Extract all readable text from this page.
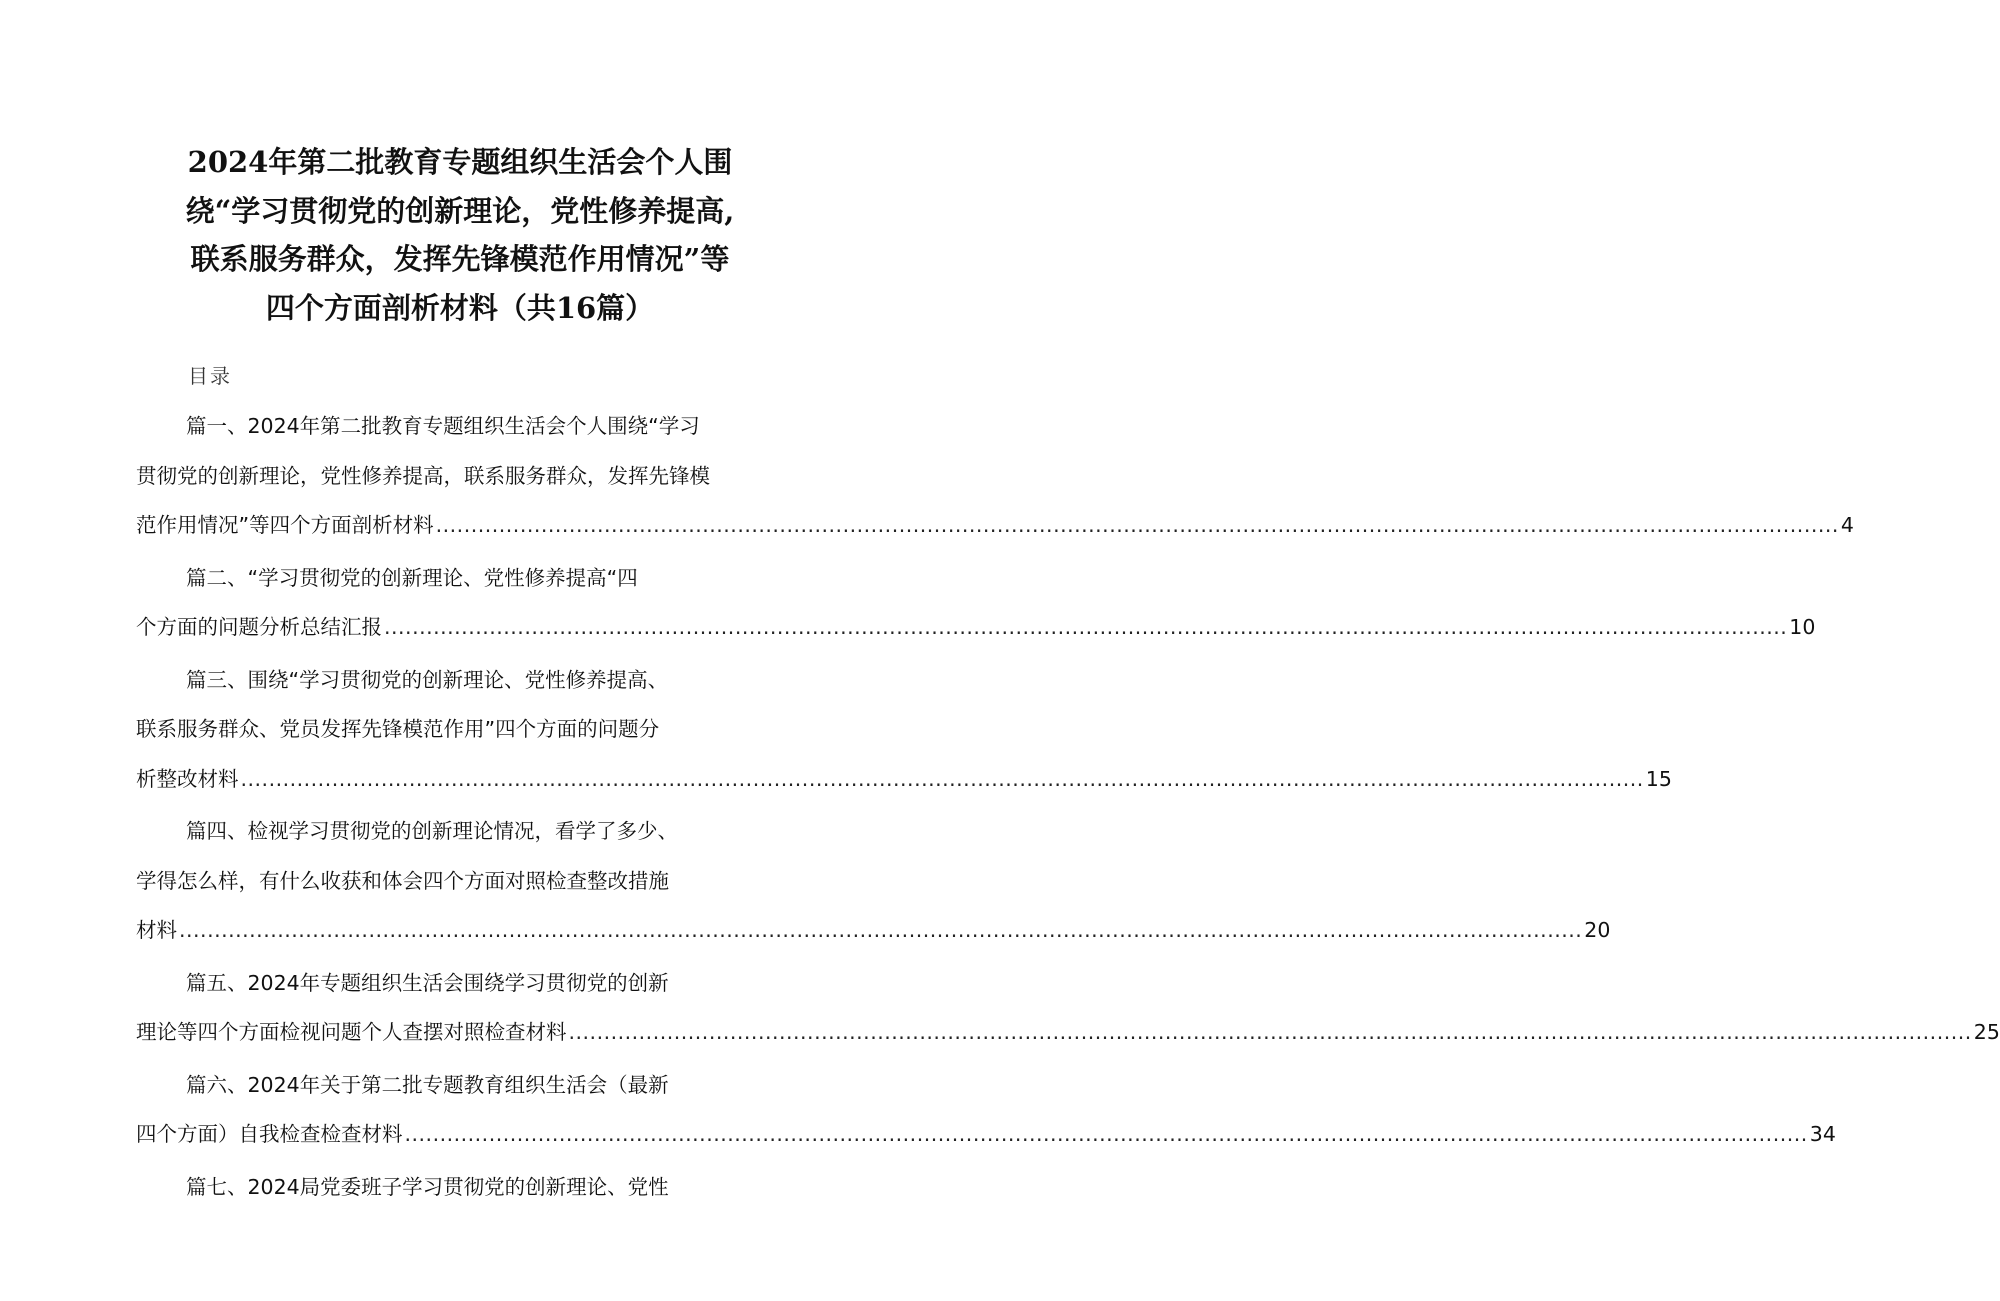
2024年第二批教育专题组织生活会个人围
绕“学习贯彻党的创新理论，党性修养提高,
联系服务群众，发挥先锋模范作用情况”等
四个方面剖析材料（共16篇）
目录
篇一、2024年第二批教育专题组织生活会个人围绕“学习
贯彻党的创新理论，党性修养提高，联系服务群众，发挥先锋模
范作用情况”等四个方面剖析材料 ........................................................................................................................................................................................................ 4
篇二、“学习贯彻党的创新理论、党性修养提高“四
个方面的问题分析总结汇报 ........................................................................................................................................................................................................ 10
篇三、围绕“学习贯彻党的创新理论、党性修养提高、
联系服务群众、党员发挥先锋模范作用”四个方面的问题分
析整改材料 ........................................................................................................................................................................................................ 15
篇四、检视学习贯彻党的创新理论情况，看学了多少、
学得怎么样，有什么收获和体会四个方面对照检查整改措施
材料 ........................................................................................................................................................................................................ 20
篇五、2024年专题组织生活会围绕学习贯彻党的创新
理论等四个方面检视问题个人查摆对照检查材料 ........................................................................................................................................................................................................ 25
篇六、2024年关于第二批专题教育组织生活会（最新
四个方面）自我检查检查材料 ........................................................................................................................................................................................................ 34
篇七、2024局党委班子学习贯彻党的创新理论、党性
